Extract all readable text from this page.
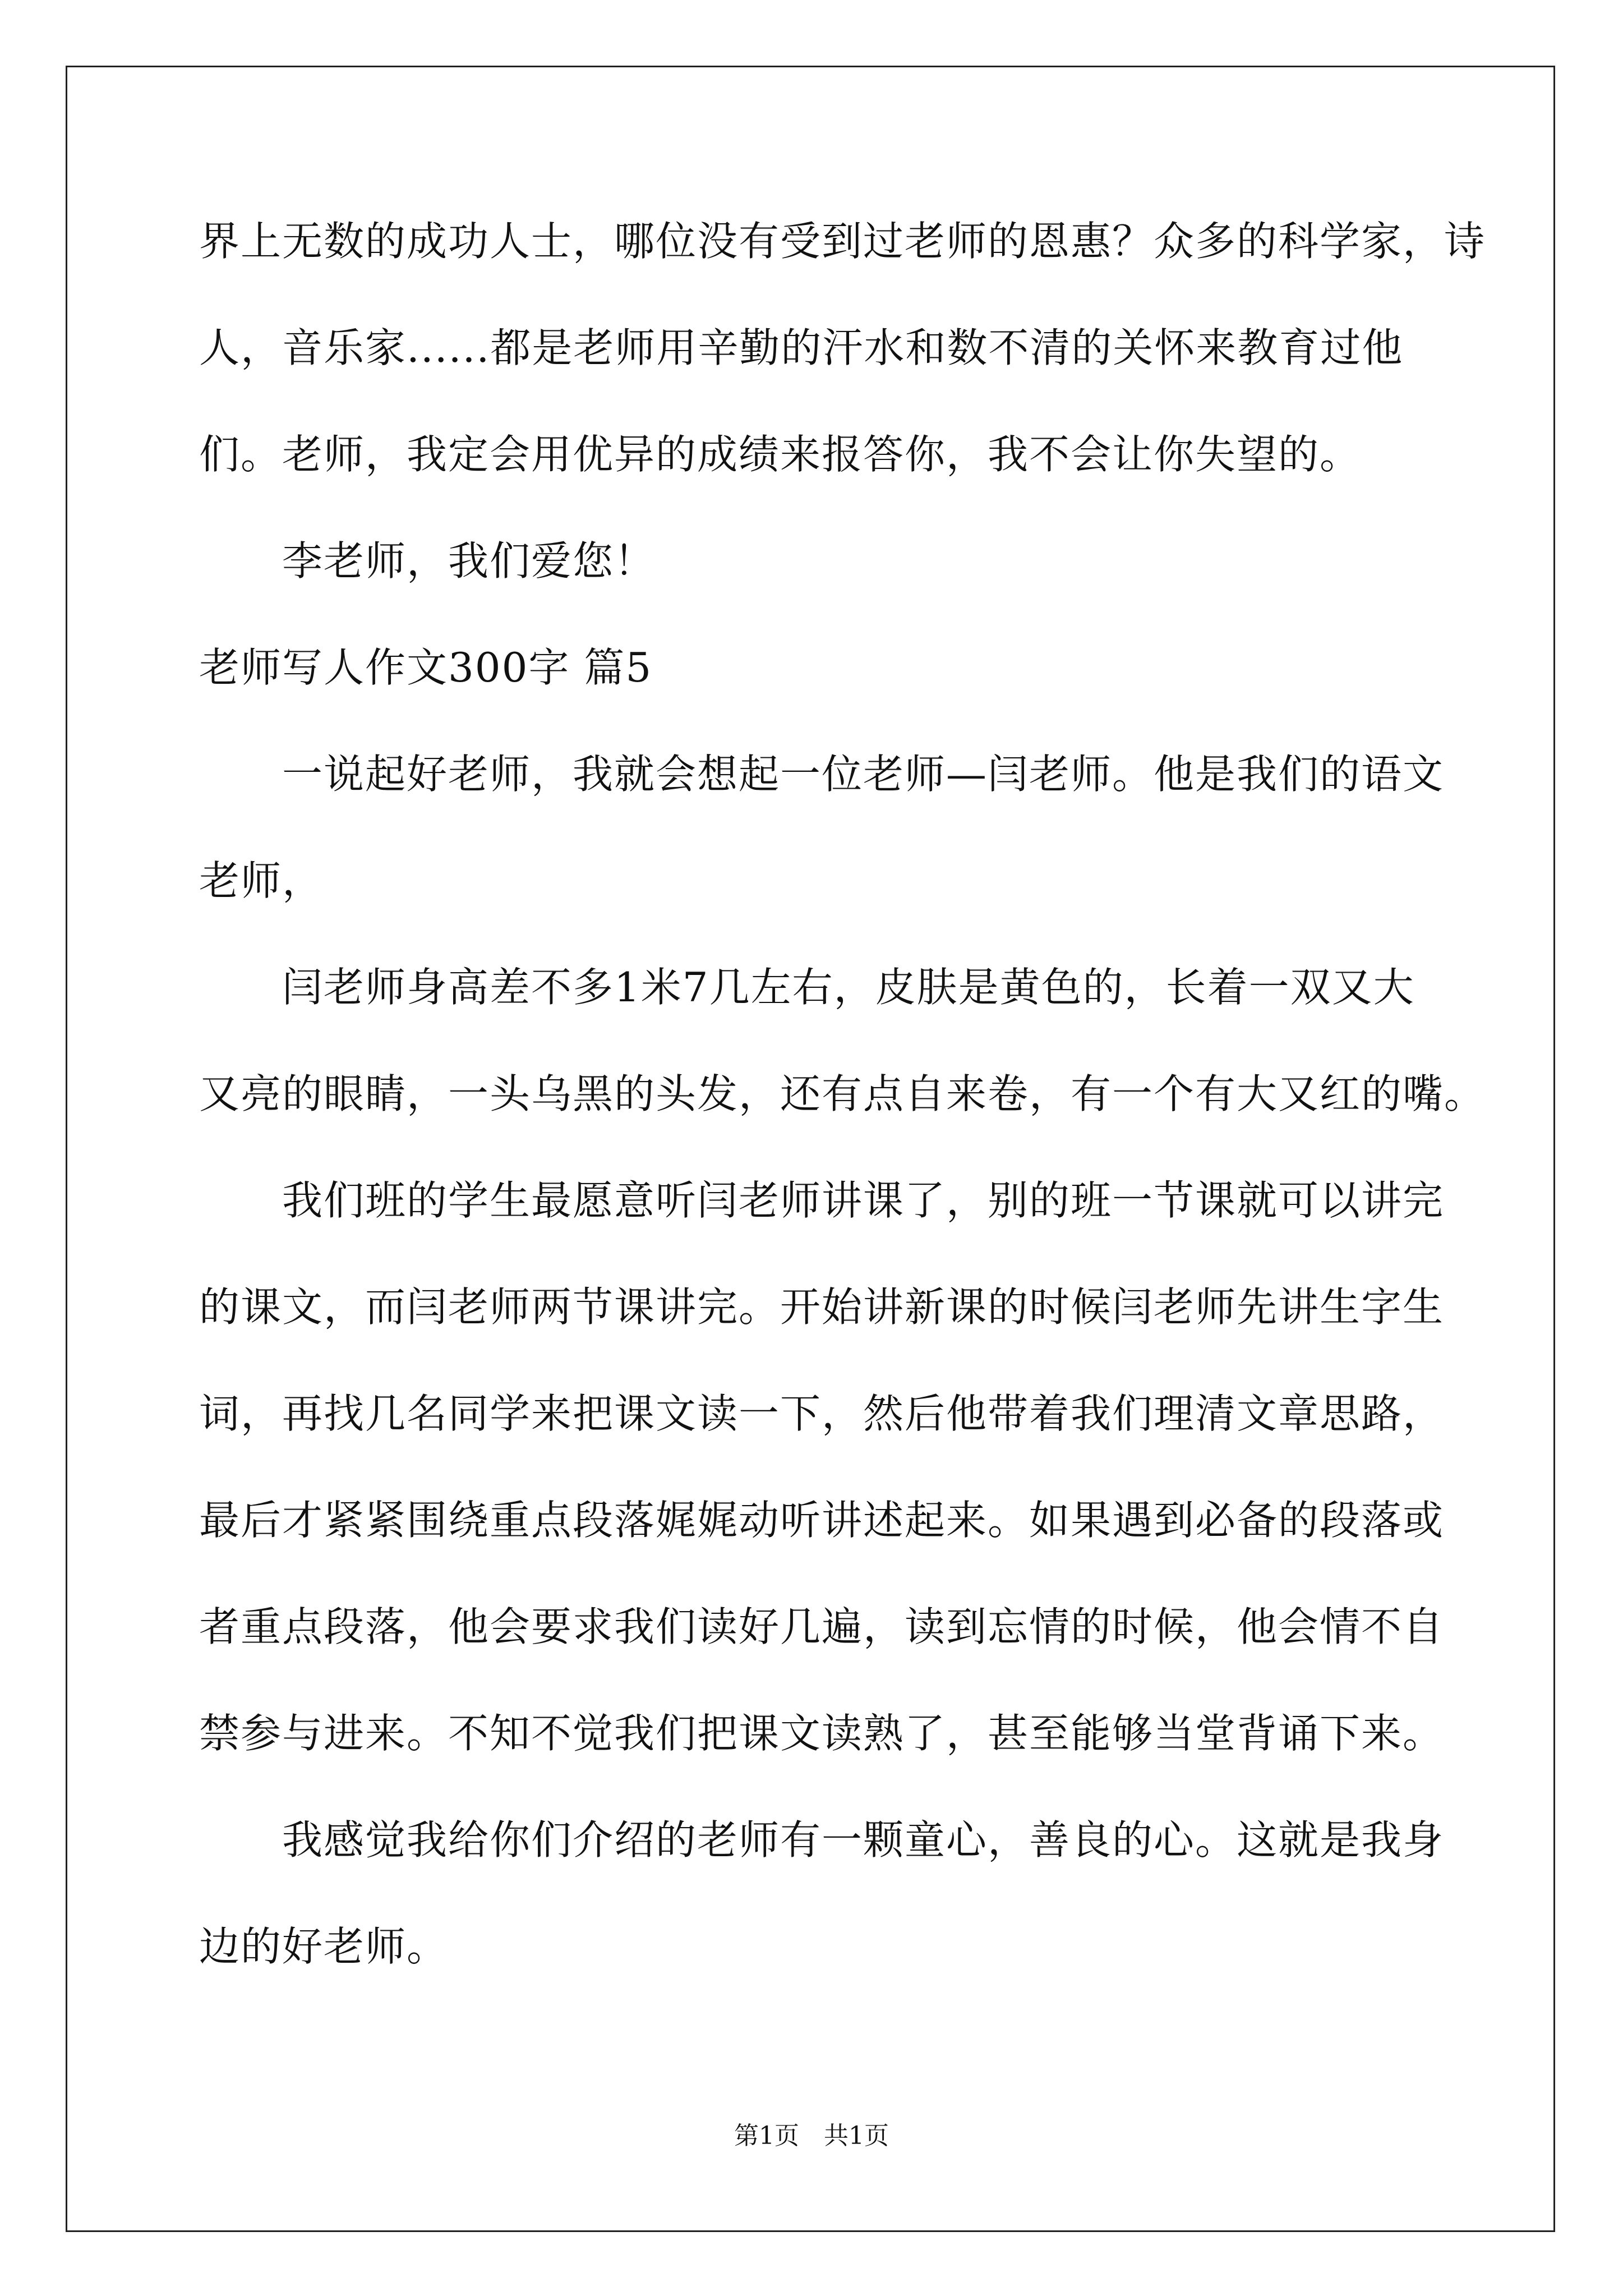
界上无数的成功人士，哪位没有受到过老师的恩惠？众多的科学家，诗
人，音乐家......都是老师用辛勤的汗水和数不清的关怀来教育过他
们。老师，我定会用优异的成绩来报答你，我不会让你失望的。
李老师，我们爱您！
老师写人作文300字 篇5
一说起好老师，我就会想起一位老师—闫老师。他是我们的语文
老师，
闫老师身高差不多1米7几左右，皮肤是黄色的，长着一双又大
又亮的眼睛，一头乌黑的头发，还有点自来卷，有一个有大又红的嘴。
我们班的学生最愿意听闫老师讲课了，别的班一节课就可以讲完
的课文，而闫老师两节课讲完。开始讲新课的时候闫老师先讲生字生
词，再找几名同学来把课文读一下，然后他带着我们理清文章思路，
最后才紧紧围绕重点段落娓娓动听讲述起来。如果遇到必备的段落或
者重点段落，他会要求我们读好几遍，读到忘情的时候，他会情不自
禁参与进来。不知不觉我们把课文读熟了，甚至能够当堂背诵下来。
我感觉我给你们介绍的老师有一颗童心，善良的心。这就是我身
边的好老师。
第1页　共1页
